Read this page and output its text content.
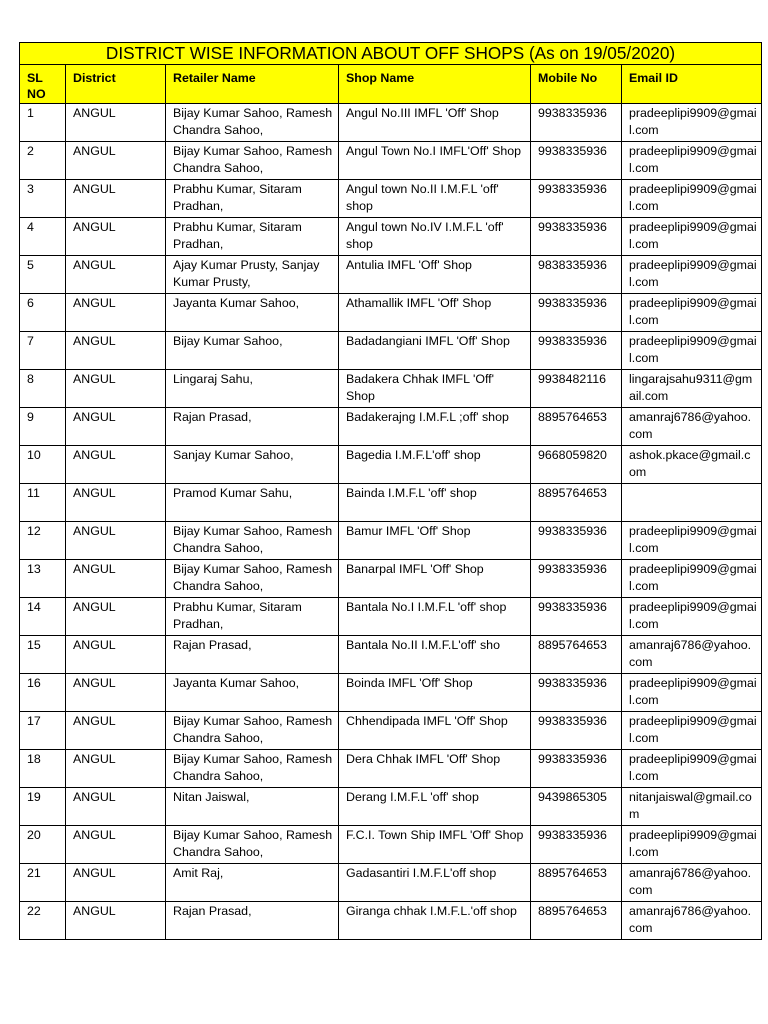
DISTRICT WISE INFORMATION ABOUT OFF SHOPS (As on 19/05/2020)					
SL NO	District	Retailer Name	Shop Name	Mobile No	Email ID
1	ANGUL	Bijay Kumar Sahoo, Ramesh Chandra Sahoo,	Angul No.III IMFL 'Off' Shop	9938335936	pradeeplipi9909@gmail.com
2	ANGUL	Bijay Kumar Sahoo, Ramesh Chandra Sahoo,	Angul Town No.I IMFL'Off' Shop	9938335936	pradeeplipi9909@gmail.com
3	ANGUL	Prabhu Kumar, Sitaram Pradhan,	Angul town No.II I.M.F.L 'off' shop	9938335936	pradeeplipi9909@gmail.com
4	ANGUL	Prabhu Kumar, Sitaram Pradhan,	Angul town No.IV I.M.F.L 'off' shop	9938335936	pradeeplipi9909@gmail.com
5	ANGUL	Ajay Kumar Prusty, Sanjay Kumar Prusty,	Antulia IMFL 'Off' Shop	9838335936	pradeeplipi9909@gmail.com
6	ANGUL	Jayanta Kumar Sahoo,	Athamallik IMFL 'Off' Shop	9938335936	pradeeplipi9909@gmail.com
7	ANGUL	Bijay Kumar Sahoo,	Badadangiani IMFL 'Off' Shop	9938335936	pradeeplipi9909@gmail.com
8	ANGUL	Lingaraj Sahu,	Badakera Chhak IMFL 'Off' Shop	9938482116	lingarajsahu9311@gmail.com
9	ANGUL	Rajan Prasad,	Badakerajng I.M.F.L ;off' shop	8895764653	amanraj6786@yahoo.com
10	ANGUL	Sanjay Kumar Sahoo,	Bagedia I.M.F.L'off' shop	9668059820	ashok.pkace@gmail.com
11	ANGUL	Pramod Kumar Sahu,	Bainda I.M.F.L 'off' shop	8895764653	
12	ANGUL	Bijay Kumar Sahoo, Ramesh Chandra Sahoo,	Bamur IMFL 'Off' Shop	9938335936	pradeeplipi9909@gmail.com
13	ANGUL	Bijay Kumar Sahoo, Ramesh Chandra Sahoo,	Banarpal IMFL 'Off' Shop	9938335936	pradeeplipi9909@gmail.com
14	ANGUL	Prabhu Kumar, Sitaram Pradhan,	Bantala No.I I.M.F.L 'off' shop	9938335936	pradeeplipi9909@gmail.com
15	ANGUL	Rajan Prasad,	Bantala No.II I.M.F.L'off' sho	8895764653	amanraj6786@yahoo.com
16	ANGUL	Jayanta Kumar Sahoo,	Boinda IMFL 'Off' Shop	9938335936	pradeeplipi9909@gmail.com
17	ANGUL	Bijay Kumar Sahoo, Ramesh Chandra Sahoo,	Chhendipada IMFL 'Off' Shop	9938335936	pradeeplipi9909@gmail.com
18	ANGUL	Bijay Kumar Sahoo, Ramesh Chandra Sahoo,	Dera Chhak IMFL 'Off' Shop	9938335936	pradeeplipi9909@gmail.com
19	ANGUL	Nitan Jaiswal,	Derang I.M.F.L 'off' shop	9439865305	nitanjaiswal@gmail.com
20	ANGUL	Bijay Kumar Sahoo, Ramesh Chandra Sahoo,	F.C.I. Town Ship IMFL 'Off' Shop	9938335936	pradeeplipi9909@gmail.com
21	ANGUL	Amit Raj,	Gadasantiri I.M.F.L'off shop	8895764653	amanraj6786@yahoo.com
22	ANGUL	Rajan Prasad,	Giranga chhak I.M.F.L.'off shop	8895764653	amanraj6786@yahoo.com
